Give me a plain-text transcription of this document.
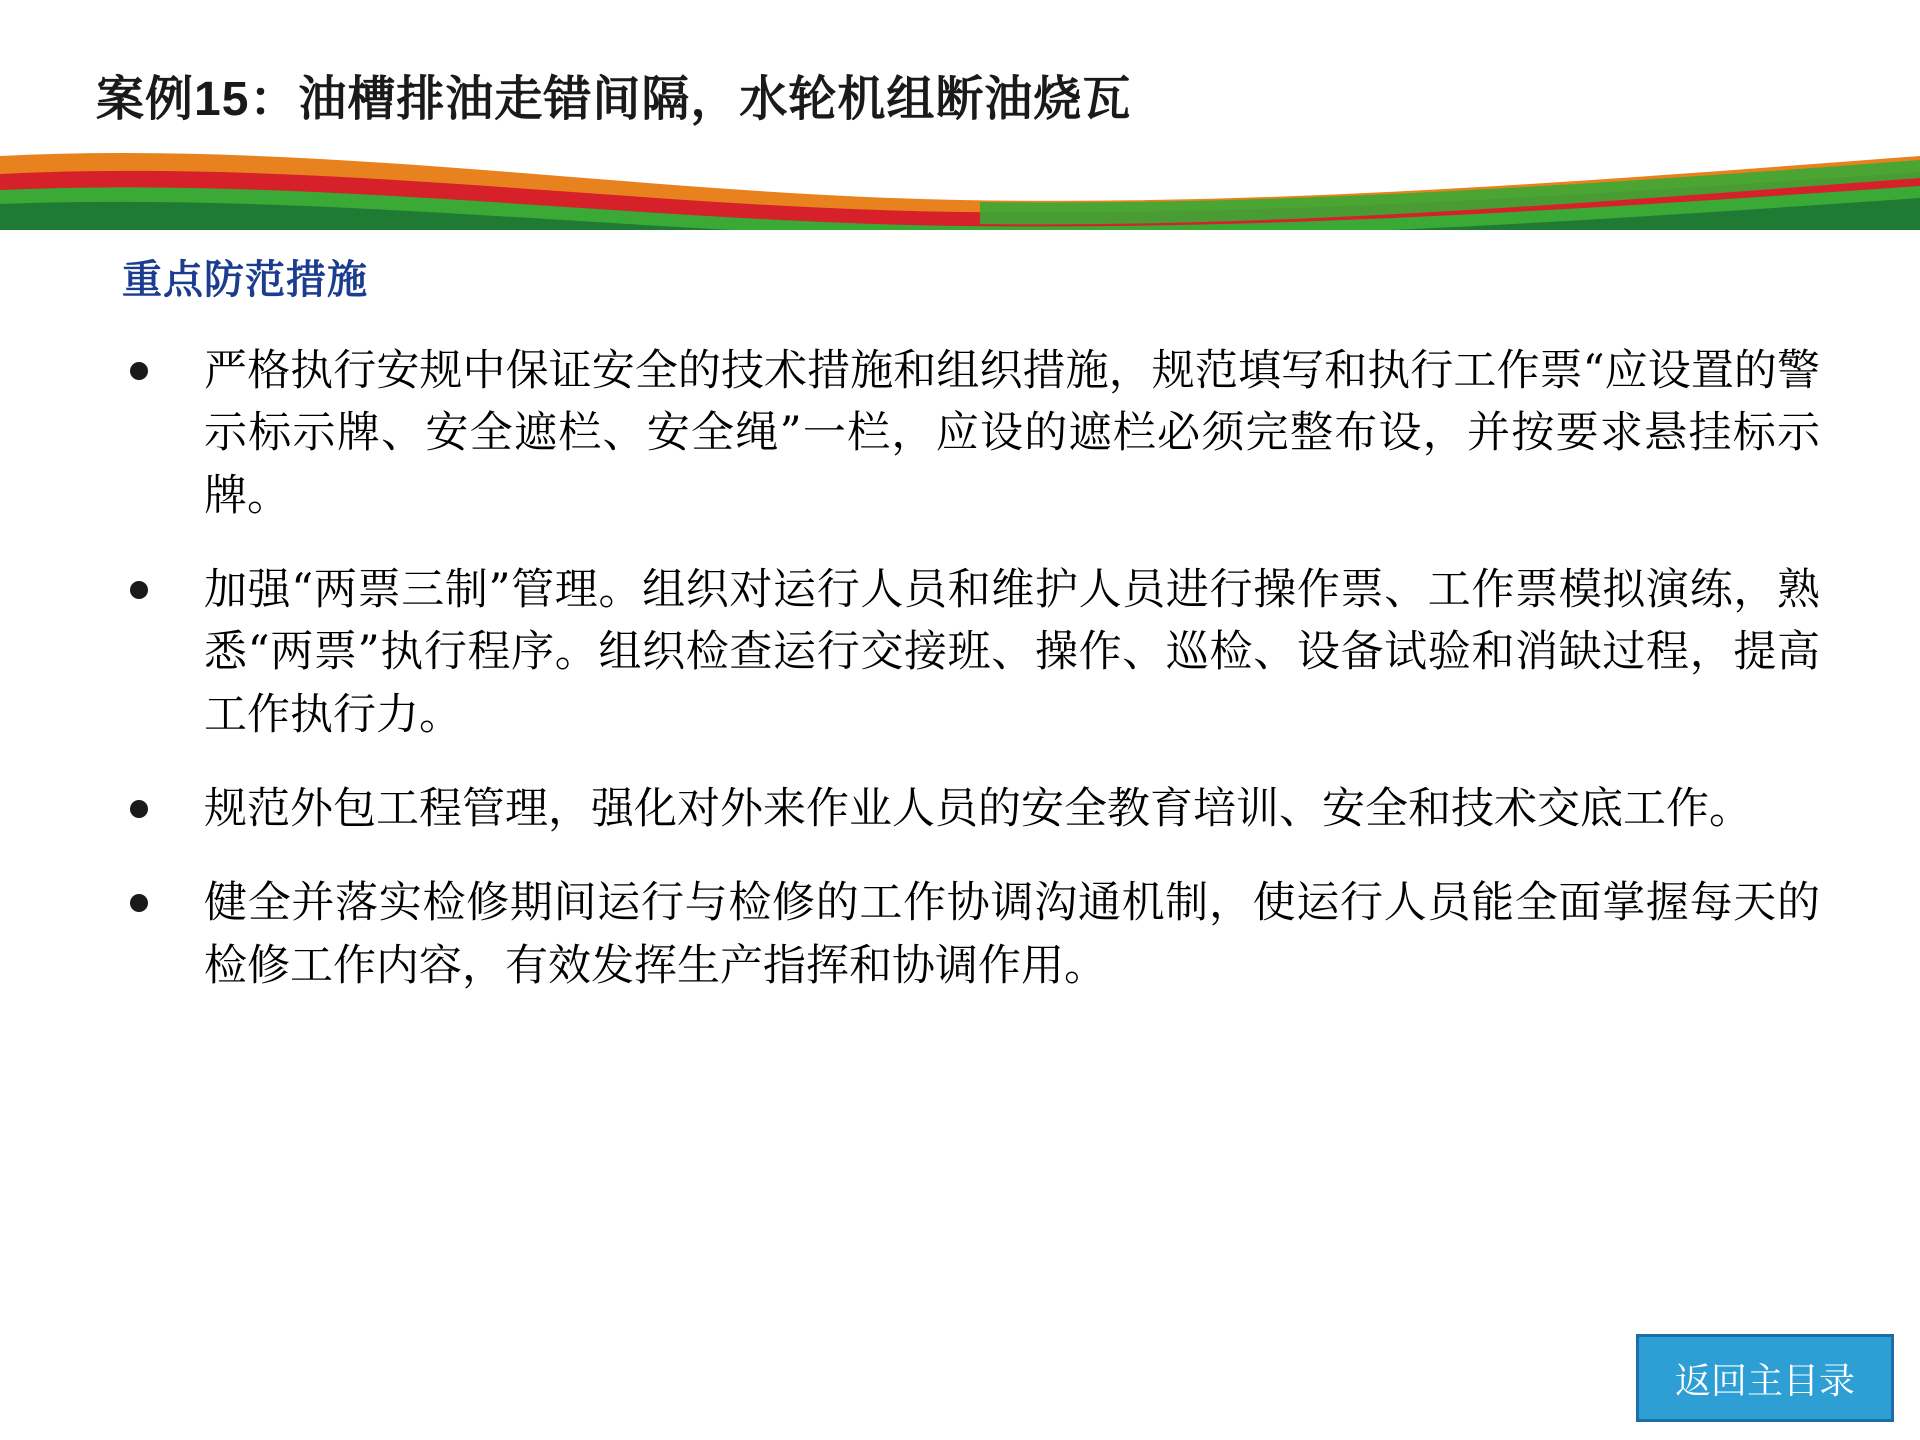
案例15：油槽排油走错间隔，水轮机组断油烧瓦
重点防范措施
严格执行安规中保证安全的技术措施和组织措施，规范填写和执行工作票“应设置的警示标示牌、安全遮栏、安全绳”一栏，应设的遮栏必须完整布设，并按要求悬挂标示牌。
加强“两票三制”管理。组织对运行人员和维护人员进行操作票、工作票模拟演练，熟悉“两票”执行程序。组织检查运行交接班、操作、巡检、设备试验和消缺过程，提高工作执行力。
规范外包工程管理，强化对外来作业人员的安全教育培训、安全和技术交底工作。
健全并落实检修期间运行与检修的工作协调沟通机制，使运行人员能全面掌握每天的检修工作内容，有效发挥生产指挥和协调作用。
返回主目录
